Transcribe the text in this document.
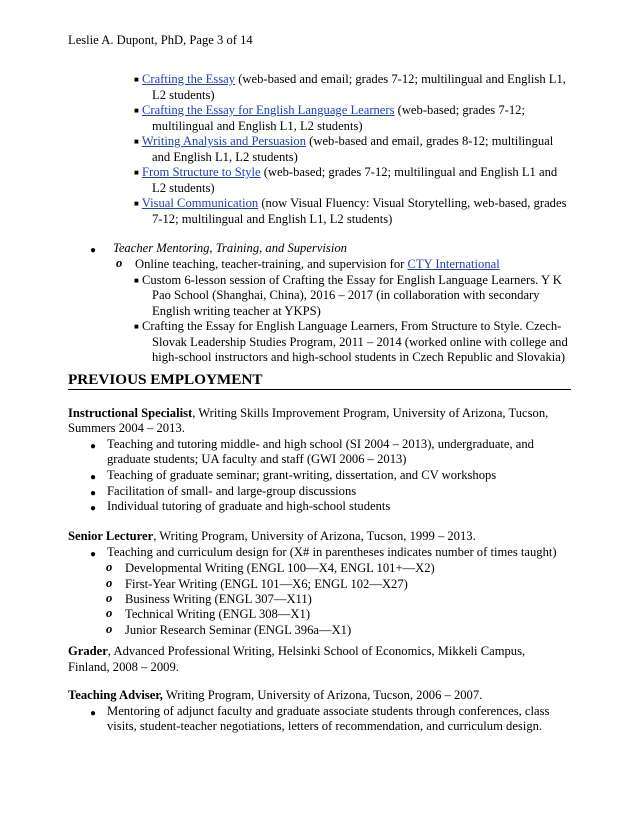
Leslie A. Dupont, PhD, Page 3 of 14
■ Crafting the Essay (web-based and email; grades 7-12; multilingual and English L1,
L2 students)
■ Crafting the Essay for English Language Learners (web-based; grades 7-12;
multilingual and English L1, L2 students)
■ Writing Analysis and Persuasion (web-based and email, grades 8-12; multilingual
and English L1, L2 students)
■ From Structure to Style (web-based; grades 7-12; multilingual and English L1 and
L2 students)
■ Visual Communication (now Visual Fluency: Visual Storytelling, web-based, grades
7-12; multilingual and English L1, L2 students)
● Teacher Mentoring, Training, and Supervision
o Online teaching, teacher-training, and supervision for CTY International
■ Custom 6-lesson session of Crafting the Essay for English Language Learners. Y K
Pao School (Shanghai, China), 2016 – 2017 (in collaboration with secondary
English writing teacher at YKPS)
■ Crafting the Essay for English Language Learners, From Structure to Style. Czech-
Slovak Leadership Studies Program, 2011 – 2014 (worked online with college and
high-school instructors and high-school students in Czech Republic and Slovakia)
PREVIOUS EMPLOYMENT
Instructional Specialist, Writing Skills Improvement Program, University of Arizona, Tucson,
Summers 2004 – 2013.
● Teaching and tutoring middle- and high school (SI 2004 – 2013), undergraduate, and
graduate students; UA faculty and staff (GWI 2006 – 2013)
● Teaching of graduate seminar; grant-writing, dissertation, and CV workshops
● Facilitation of small- and large-group discussions
● Individual tutoring of graduate and high-school students
Senior Lecturer, Writing Program, University of Arizona, Tucson, 1999 – 2013.
● Teaching and curriculum design for (X# in parentheses indicates number of times taught)
o Developmental Writing (ENGL 100—X4, ENGL 101+—X2)
o First-Year Writing (ENGL 101—X6; ENGL 102—X27)
o Business Writing (ENGL 307—X11)
o Technical Writing (ENGL 308—X1)
o Junior Research Seminar (ENGL 396a—X1)
Grader, Advanced Professional Writing, Helsinki School of Economics, Mikkeli Campus,
Finland, 2008 – 2009.
Teaching Adviser, Writing Program, University of Arizona, Tucson, 2006 – 2007.
● Mentoring of adjunct faculty and graduate associate students through conferences, class
visits, student-teacher negotiations, letters of recommendation, and curriculum design.
